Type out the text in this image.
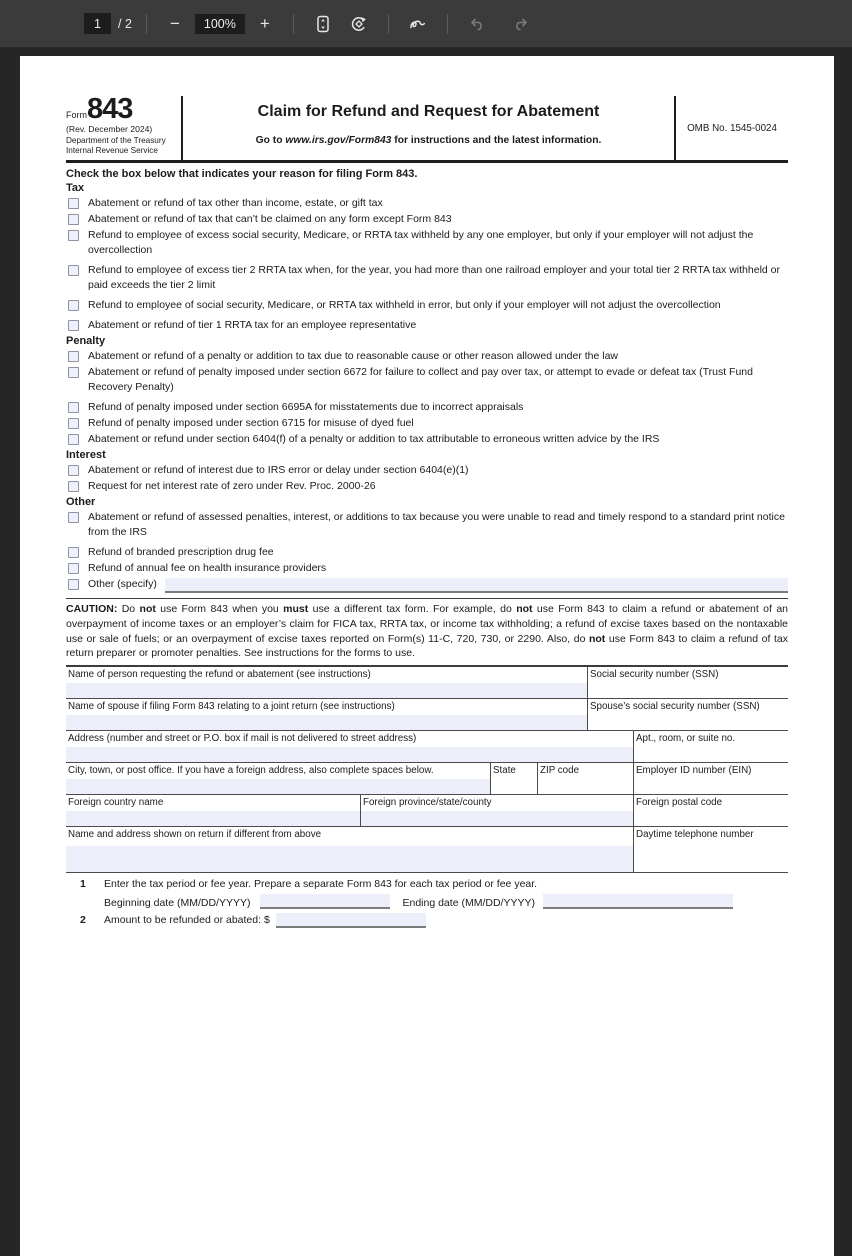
1
/ 2	−	100%	+
Form843
(Rev. December 2024)
Department of the Treasury
Internal Revenue Service
Claim for Refund and Request for Abatement
Go to www.irs.gov/Form843 for instructions and the latest information.
OMB No. 1545-0024
Check the box below that indicates your reason for filing Form 843.
Tax
Abatement or refund of tax other than income, estate, or gift tax
Abatement or refund of tax that can’t be claimed on any form except Form 843
Refund to employee of excess social security, Medicare, or RRTA tax withheld by any one employer, but only if your employer will not adjust the overcollection
Refund to employee of excess tier 2 RRTA tax when, for the year, you had more than one railroad employer and your total tier 2 RRTA tax withheld or paid exceeds the tier 2 limit
Refund to employee of social security, Medicare, or RRTA tax withheld in error, but only if your employer will not adjust the overcollection
Abatement or refund of tier 1 RRTA tax for an employee representative
Penalty
Abatement or refund of a penalty or addition to tax due to reasonable cause or other reason allowed under the law
Abatement or refund of penalty imposed under section 6672 for failure to collect and pay over tax, or attempt to evade or defeat tax (Trust Fund Recovery Penalty)
Refund of penalty imposed under section 6695A for misstatements due to incorrect appraisals
Refund of penalty imposed under section 6715 for misuse of dyed fuel
Abatement or refund under section 6404(f) of a penalty or addition to tax attributable to erroneous written advice by the IRS
Interest
Abatement or refund of interest due to IRS error or delay under section 6404(e)(1)
Request for net interest rate of zero under Rev. Proc. 2000-26
Other
Abatement or refund of assessed penalties, interest, or additions to tax because you were unable to read and timely respond to a standard print notice from the IRS
Refund of branded prescription drug fee
Refund of annual fee on health insurance providers
Other (specify)
CAUTION: Do not use Form 843 when you must use a different tax form. For example, do not use Form 843 to claim a refund or abatement of an overpayment of income taxes or an employer’s claim for FICA tax, RRTA tax, or income tax withholding; a refund of excise taxes based on the nontaxable use or sale of fuels; or an overpayment of excise taxes reported on Form(s) 11-C, 720, 730, or 2290. Also, do not use Form 843 to claim a refund of tax return preparer or promoter penalties. See instructions for the forms to use.
Name of person requesting the refund or abatement (see instructions)	Social security number (SSN)
Name of spouse if filing Form 843 relating to a joint return (see instructions)	Spouse’s social security number (SSN)
Address (number and street or P.O. box if mail is not delivered to street address)	Apt., room, or suite no.
City, town, or post office. If you have a foreign address, also complete spaces below.	State	ZIP code	Employer ID number (EIN)
Foreign country name	Foreign province/state/county	Foreign postal code
Name and address shown on return if different from above	Daytime telephone number
1	Enter the tax period or fee year. Prepare a separate Form 843 for each tax period or fee year.
Beginning date (MM/DD/YYYY)	Ending date (MM/DD/YYYY)
2	Amount to be refunded or abated: $
